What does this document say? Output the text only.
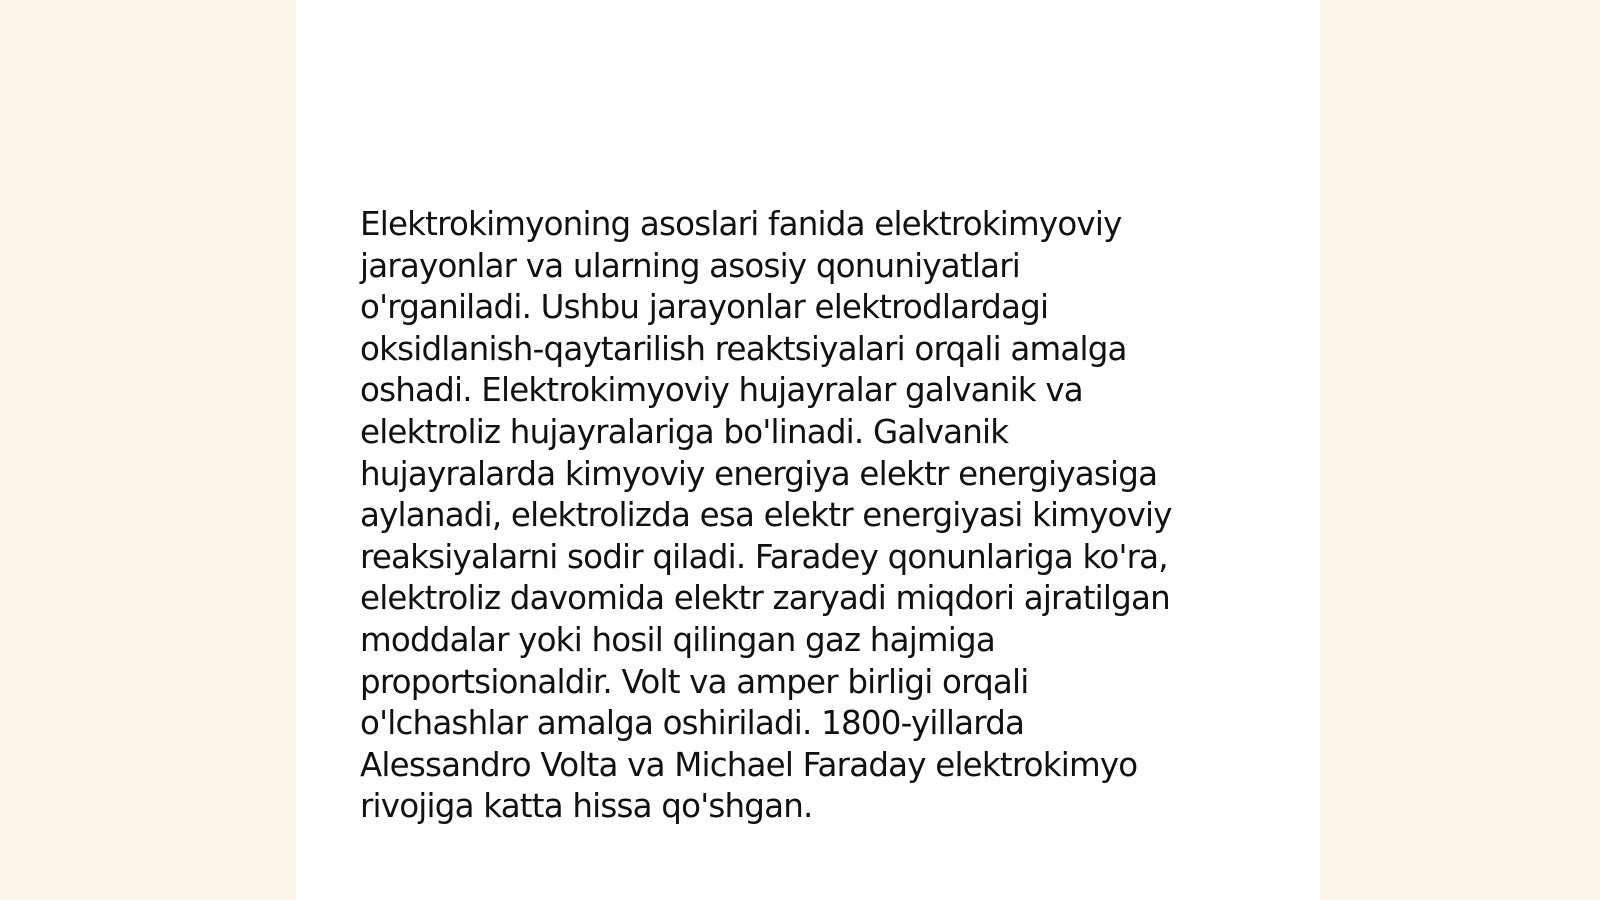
Elektrokimyoning asoslari fanida elektrokimyoviy
jarayonlar va ularning asosiy qonuniyatlari
o'rganiladi. Ushbu jarayonlar elektrodlardagi
oksidlanish-qaytarilish reaktsiyalari orqali amalga
oshadi. Elektrokimyoviy hujayralar galvanik va
elektroliz hujayralariga bo'linadi. Galvanik
hujayralarda kimyoviy energiya elektr energiyasiga
aylanadi, elektrolizda esa elektr energiyasi kimyoviy
reaksiyalarni sodir qiladi. Faradey qonunlariga ko'ra,
elektroliz davomida elektr zaryadi miqdori ajratilgan
moddalar yoki hosil qilingan gaz hajmiga
proportsionaldir. Volt va amper birligi orqali
o'lchashlar amalga oshiriladi. 1800-yillarda
Alessandro Volta va Michael Faraday elektrokimyo
rivojiga katta hissa qo'shgan.
